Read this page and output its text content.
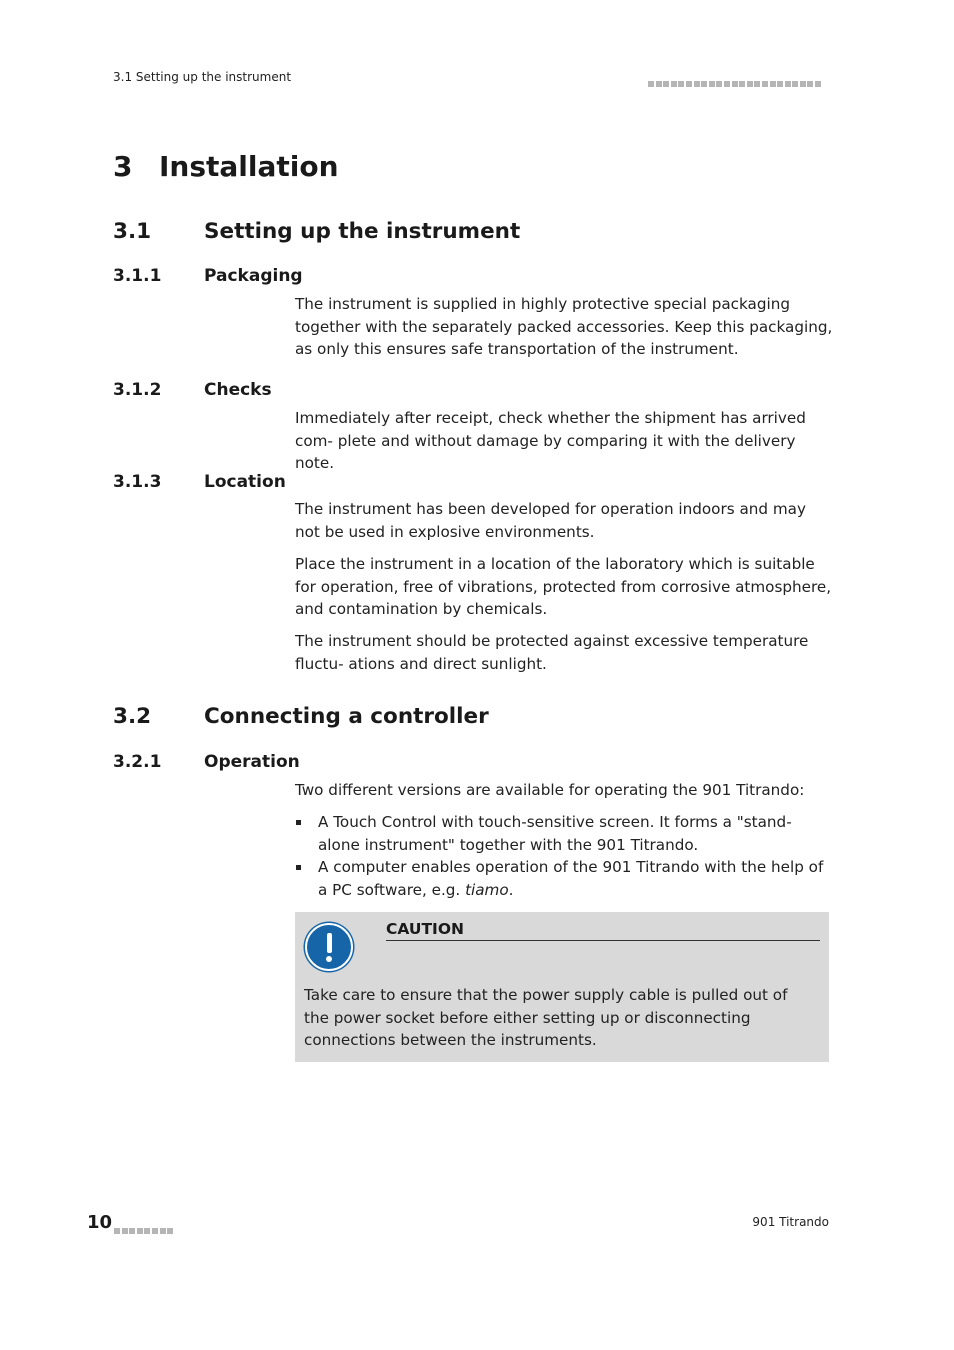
3.1 Setting up the instrument
3 Installation
3.1 Setting up the instrument
3.1.1	Packaging
The instrument is supplied in highly protective special packaging together with the separately packed accessories. Keep this packaging, as only this ensures safe transportation of the instrument.
3.1.2	Checks
Immediately after receipt, check whether the shipment has arrived com- plete and without damage by comparing it with the delivery note.
3.1.3	Location
The instrument has been developed for operation indoors and may not be used in explosive environments.
Place the instrument in a location of the laboratory which is suitable for operation, free of vibrations, protected from corrosive atmosphere, and contamination by chemicals.
The instrument should be protected against excessive temperature fluctu- ations and direct sunlight.
3.2 Connecting a controller
3.2.1	Operation
Two different versions are available for operating the 901 Titrando:
A Touch Control with touch-sensitive screen. It forms a "stand-alone instrument" together with the 901 Titrando.
A computer enables operation of the 901 Titrando with the help of a PC software, e.g. tiamo.
CAUTION
Take care to ensure that the power supply cable is pulled out of the power socket before either setting up or disconnecting connections between the instruments.
10	901 Titrando
